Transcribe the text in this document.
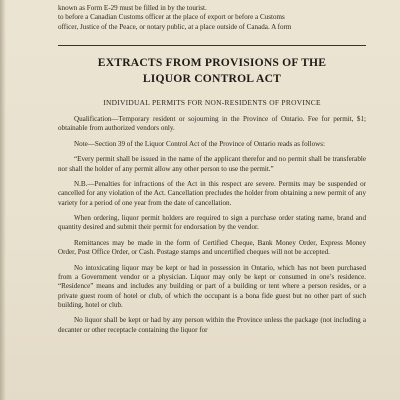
known as Form E-29 must be filled in by the tourist.
to before a Canadian Customs officer at the place of export or before a Customs
officer, Justice of the Peace, or notary public, at a place outside of Canada. A form
EXTRACTS FROM PROVISIONS OF THE
LIQUOR CONTROL ACT
INDIVIDUAL PERMITS FOR NON-RESIDENTS OF PROVINCE

Qualification—Temporary resident or sojourning in the Province of Ontario. Fee for permit, $1; obtainable from authorized vendors only.

Note—Section 39 of the Liquor Control Act of the Province of Ontario reads as follows:

“Every permit shall be issued in the name of the applicant therefor and no permit shall be transferable nor shall the holder of any permit allow any other person to use the permit.”

N.B.—Penalties for infractions of the Act in this respect are severe. Permits may be suspended or cancelled for any violation of the Act. Cancellation precludes the holder from obtaining a new permit of any variety for a period of one year from the date of cancellation.

When ordering, liquor permit holders are required to sign a purchase order stating name, brand and quantity desired and submit their permit for endorsation by the vendor.

Remittances may be made in the form of Certified Cheque, Bank Money Order, Express Money Order, Post Office Order, or Cash. Postage stamps and uncertified cheques will not be accepted.

No intoxicating liquor may be kept or had in possession in Ontario, which has not been purchased from a Government vendor or a physician. Liquor may only be kept or consumed in one’s residence. “Residence” means and includes any building or part of a building or tent where a person resides, or a private guest room of hotel or club, of which the occupant is a bona fide guest but no other part of such building, hotel or club.

No liquor shall be kept or had by any person within the Province unless the package (not including a decanter or other receptacle containing the liquor for
